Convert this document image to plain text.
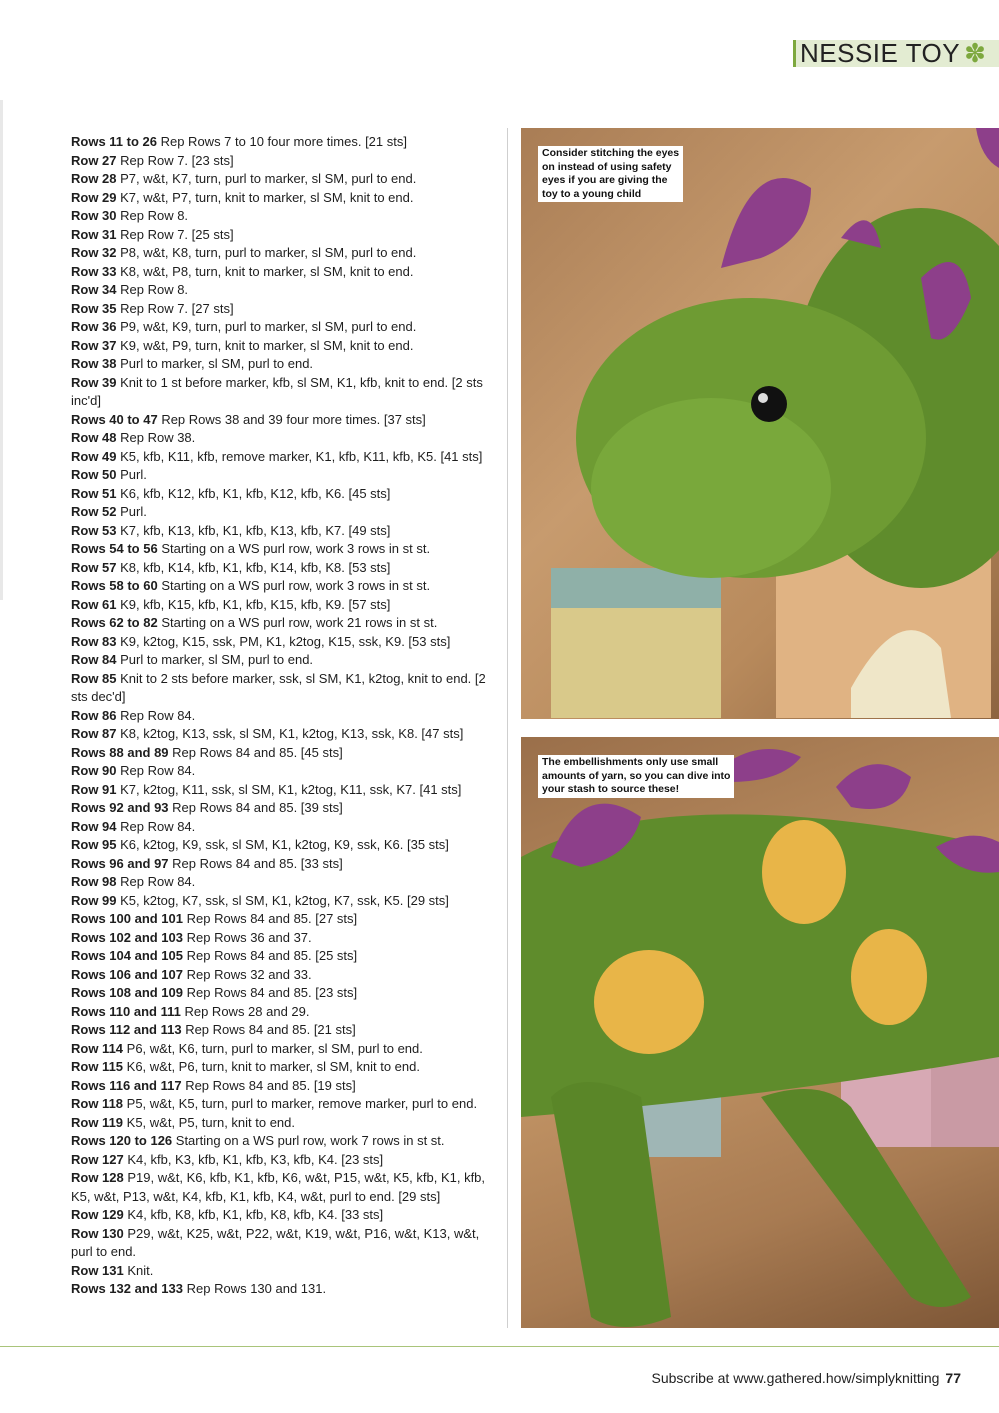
NESSIE TOY ✽

Rows 11 to 26 Rep Rows 7 to 10 four more times. [21 sts]

Row 27 Rep Row 7. [23 sts]

Row 28 P7, w&t, K7, turn, purl to marker, sl SM, purl to end.

Row 29 K7, w&t, P7, turn, knit to marker, sl SM, knit to end.

Row 30 Rep Row 8.

Row 31 Rep Row 7. [25 sts]

Row 32 P8, w&t, K8, turn, purl to marker, sl SM, purl to end.

Row 33 K8, w&t, P8, turn, knit to marker, sl SM, knit to end.

Row 34 Rep Row 8.

Row 35 Rep Row 7. [27 sts]

Row 36 P9, w&t, K9, turn, purl to marker, sl SM, purl to end.

Row 37 K9, w&t, P9, turn, knit to marker, sl SM, knit to end.

Row 38 Purl to marker, sl SM, purl to end.

Row 39 Knit to 1 st before marker, kfb, sl SM, K1, kfb, knit to end. [2 sts inc'd]

Rows 40 to 47 Rep Rows 38 and 39 four more times. [37 sts]

Row 48 Rep Row 38.

Row 49 K5, kfb, K11, kfb, remove marker, K1, kfb, K11, kfb, K5. [41 sts]

Row 50 Purl.

Row 51 K6, kfb, K12, kfb, K1, kfb, K12, kfb, K6. [45 sts]

Row 52 Purl.

Row 53 K7, kfb, K13, kfb, K1, kfb, K13, kfb, K7. [49 sts]

Rows 54 to 56 Starting on a WS purl row, work 3 rows in st st.

Row 57 K8, kfb, K14, kfb, K1, kfb, K14, kfb, K8. [53 sts]

Rows 58 to 60 Starting on a WS purl row, work 3 rows in st st.

Row 61 K9, kfb, K15, kfb, K1, kfb, K15, kfb, K9. [57 sts]

Rows 62 to 82 Starting on a WS purl row, work 21 rows in st st.

Row 83 K9, k2tog, K15, ssk, PM, K1, k2tog, K15, ssk, K9. [53 sts]

Row 84 Purl to marker, sl SM, purl to end.

Row 85 Knit to 2 sts before marker, ssk, sl SM, K1, k2tog, knit to end. [2 sts dec'd]

Row 86 Rep Row 84.

Row 87 K8, k2tog, K13, ssk, sl SM, K1, k2tog, K13, ssk, K8. [47 sts]

Rows 88 and 89 Rep Rows 84 and 85. [45 sts]

Row 90 Rep Row 84.

Row 91 K7, k2tog, K11, ssk, sl SM, K1, k2tog, K11, ssk, K7. [41 sts]

Rows 92 and 93 Rep Rows 84 and 85. [39 sts]

Row 94 Rep Row 84.

Row 95 K6, k2tog, K9, ssk, sl SM, K1, k2tog, K9, ssk, K6. [35 sts]

Rows 96 and 97 Rep Rows 84 and 85. [33 sts]

Row 98 Rep Row 84.

Row 99 K5, k2tog, K7, ssk, sl SM, K1, k2tog, K7, ssk, K5. [29 sts]

Rows 100 and 101 Rep Rows 84 and 85. [27 sts]

Rows 102 and 103 Rep Rows 36 and 37.

Rows 104 and 105 Rep Rows 84 and 85. [25 sts]

Rows 106 and 107 Rep Rows 32 and 33.

Rows 108 and 109 Rep Rows 84 and 85. [23 sts]

Rows 110 and 111 Rep Rows 28 and 29.

Rows 112 and 113 Rep Rows 84 and 85. [21 sts]

Row 114 P6, w&t, K6, turn, purl to marker, sl SM, purl to end.

Row 115 K6, w&t, P6, turn, knit to marker, sl SM, knit to end.

Rows 116 and 117 Rep Rows 84 and 85. [19 sts]

Row 118 P5, w&t, K5, turn, purl to marker, remove marker, purl to end.

Row 119 K5, w&t, P5, turn, knit to end.

Rows 120 to 126 Starting on a WS purl row, work 7 rows in st st.

Row 127 K4, kfb, K3, kfb, K1, kfb, K3, kfb, K4. [23 sts]

Row 128 P19, w&t, K6, kfb, K1, kfb, K6, w&t, P15, w&t, K5, kfb, K1, kfb, K5, w&t, P13, w&t, K4, kfb, K1, kfb, K4, w&t, purl to end. [29 sts]

Row 129 K4, kfb, K8, kfb, K1, kfb, K8, kfb, K4. [33 sts]

Row 130 P29, w&t, K25, w&t, P22, w&t, K19, w&t, P16, w&t, K13, w&t, purl to end.

Row 131 Knit.

Rows 132 and 133 Rep Rows 130 and 131.

Consider stitching the eyes
on instead of using safety
eyes if you are giving the
toy to a young child
The embellishments only use small
amounts of yarn, so you can dive into
your stash to source these!
Subscribe at www.gathered.how/simplyknitting 77
